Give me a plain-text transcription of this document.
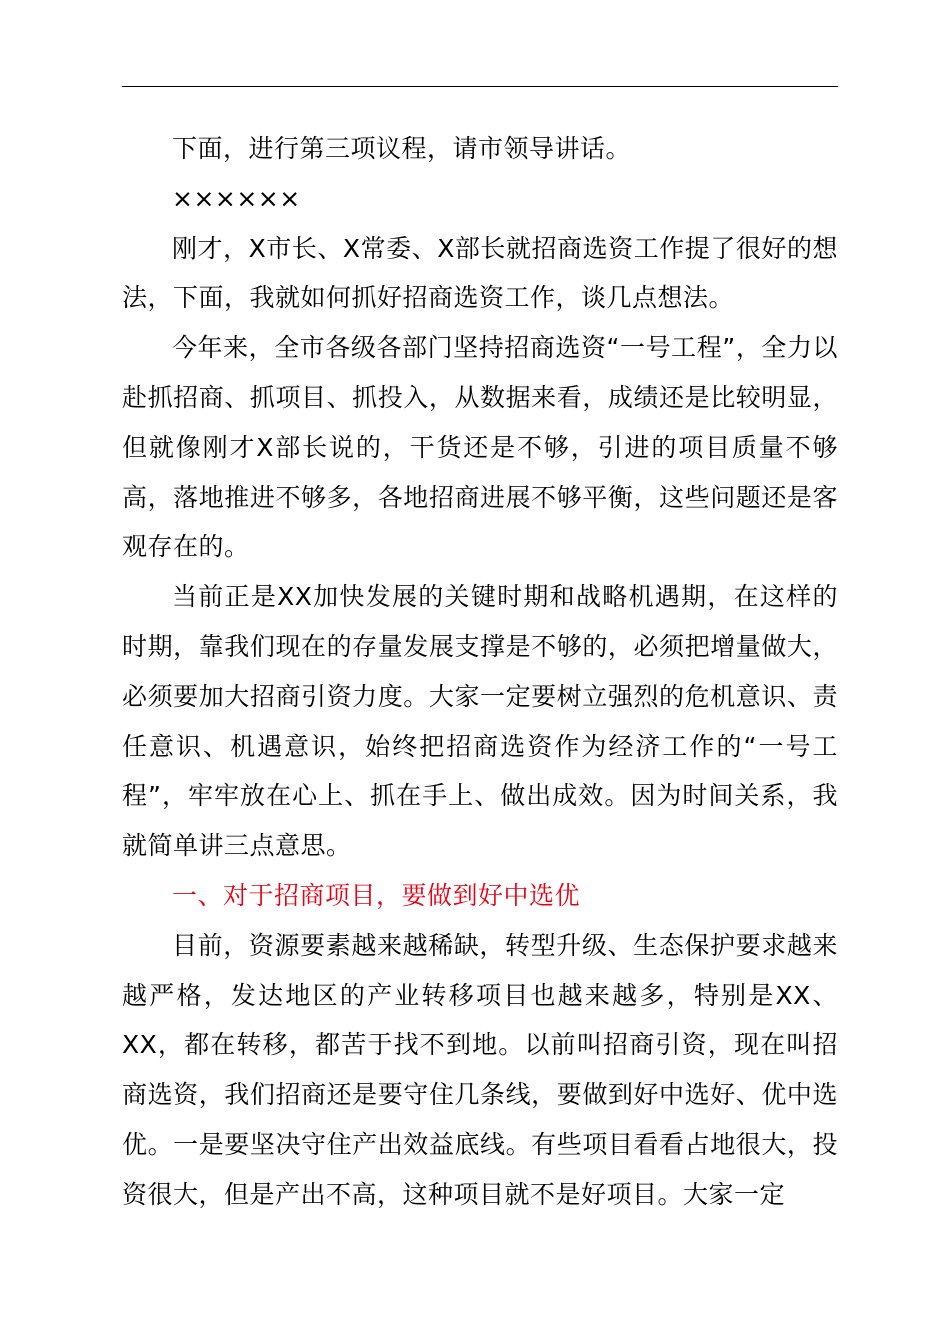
下面，进行第三项议程，请市领导讲话。

××××××

刚才，X市长、X常委、X部长就招商选资工作提了很好的想法，下面，我就如何抓好招商选资工作，谈几点想法。

今年来，全市各级各部门坚持招商选资“一号工程”，全力以赴抓招商、抓项目、抓投入，从数据来看，成绩还是比较明显，但就像刚才X部长说的，干货还是不够，引进的项目质量不够高，落地推进不够多，各地招商进展不够平衡，这些问题还是客观存在的。

当前正是XX加快发展的关键时期和战略机遇期，在这样的时期，靠我们现在的存量发展支撑是不够的，必须把增量做大，必须要加大招商引资力度。大家一定要树立强烈的危机意识、责任意识、机遇意识，始终把招商选资作为经济工作的“一号工程”，牢牢放在心上、抓在手上、做出成效。因为时间关系，我就简单讲三点意思。

一、对于招商项目，要做到好中选优

目前，资源要素越来越稀缺，转型升级、生态保护要求越来越严格，发达地区的产业转移项目也越来越多，特别是XX、XX，都在转移，都苦于找不到地。以前叫招商引资，现在叫招商选资，我们招商还是要守住几条线，要做到好中选好、优中选优。一是要坚决守住产出效益底线。有些项目看看占地很大，投资很大，但是产出不高，这种项目就不是好项目。大家一定
